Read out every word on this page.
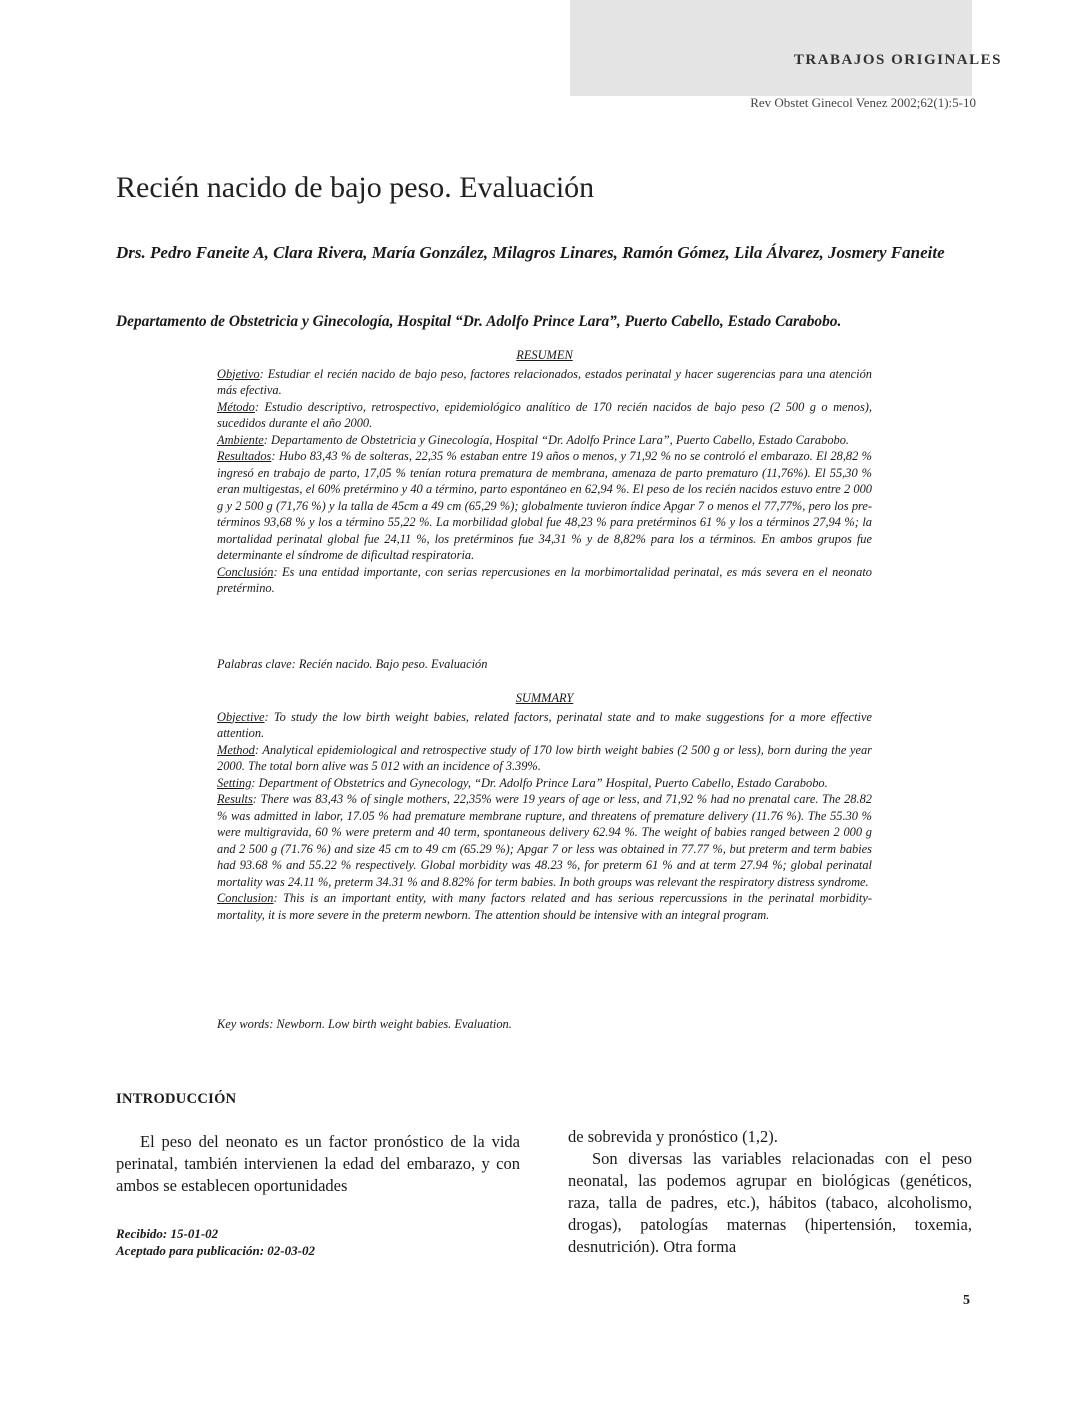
TRABAJOS ORIGINALES
Rev Obstet Ginecol Venez 2002;62(1):5-10
Recién nacido de bajo peso. Evaluación
Drs. Pedro Faneite A, Clara Rivera, María González, Milagros Linares, Ramón Gómez, Lila Álvarez, Josmery Faneite
Departamento de Obstetricia y Ginecología, Hospital “Dr. Adolfo Prince Lara”, Puerto Cabello, Estado Carabobo.
RESUMEN

Objetivo: Estudiar el recién nacido de bajo peso, factores relacionados, estados perinatal y hacer sugerencias para una atención más efectiva.

Método: Estudio descriptivo, retrospectivo, epidemiológico analítico de 170 recién nacidos de bajo peso (2 500 g o menos), sucedidos durante el año 2000.

Ambiente: Departamento de Obstetricia y Ginecología, Hospital “Dr. Adolfo Prince Lara”, Puerto Cabello, Estado Carabobo.

Resultados: Hubo 83,43 % de solteras, 22,35 % estaban entre 19 años o menos, y 71,92 % no se controló el embarazo. El 28,82 % ingresó en trabajo de parto, 17,05 % tenían rotura prematura de membrana, amenaza de parto prematuro (11,76%). El 55,30 % eran multigestas, el 60% pretérmino y 40 a término, parto espontáneo en 62,94 %. El peso de los recién nacidos estuvo entre 2 000 g y 2 500 g (71,76 %) y la talla de 45cm a 49 cm (65,29 %); globalmente tuvieron índice Apgar 7 o menos el 77,77%, pero los pre-términos 93,68 % y los a término 55,22 %. La morbilidad global fue 48,23 % para pretérminos 61 % y los a términos 27,94 %; la mortalidad perinatal global fue 24,11 %, los pretérminos fue 34,31 % y de 8,82% para los a términos. En ambos grupos fue determinante el síndrome de dificultad respiratoria.

Conclusión: Es una entidad importante, con serias repercusiones en la morbimortalidad perinatal, es más severa en el neonato pretérmino.

Palabras clave: Recién nacido. Bajo peso. Evaluación
SUMMARY

Objective: To study the low birth weight babies, related factors, perinatal state and to make suggestions for a more effective attention.

Method: Analytical epidemiological and retrospective study of 170 low birth weight babies (2 500 g or less), born during the year 2000. The total born alive was 5 012 with an incidence of 3.39%.

Setting: Department of Obstetrics and Gynecology, “Dr. Adolfo Prince Lara” Hospital, Puerto Cabello, Estado Carabobo.

Results: There was 83,43 % of single mothers, 22,35% were 19 years of age or less, and 71,92 % had no prenatal care. The 28.82 % was admitted in labor, 17.05 % had premature membrane rupture, and threatens of premature delivery (11.76 %). The 55.30 % were multigravida, 60 % were preterm and 40 term, spontaneous delivery 62.94 %. The weight of babies ranged between 2 000 g and 2 500 g (71.76 %) and size 45 cm to 49 cm (65.29 %); Apgar 7 or less was obtained in 77.77 %, but preterm and term babies had 93.68 % and 55.22 % respectively. Global morbidity was 48.23 %, for preterm 61 % and at term 27.94 %; global perinatal mortality was 24.11 %, preterm 34.31 % and 8.82% for term babies. In both groups was relevant the respiratory distress syndrome.

Conclusion: This is an important entity, with many factors related and has serious repercussions in the perinatal morbidity-mortality, it is more severe in the preterm newborn. The attention should be intensive with an integral program.

Key words: Newborn. Low birth weight babies. Evaluation.
INTRODUCCIÓN

El peso del neonato es un factor pronóstico de la vida perinatal, también intervienen la edad del embarazo, y con ambos se establecen oportunidades

de sobrevida y pronóstico (1,2).

Son diversas las variables relacionadas con el peso neonatal, las podemos agrupar en biológicas (genéticos, raza, talla de padres, etc.), hábitos (tabaco, alcoholismo, drogas), patologías maternas (hipertensión, toxemia, desnutrición). Otra forma

Recibido: 15-01-02
Aceptado para publicación: 02-03-02
5
